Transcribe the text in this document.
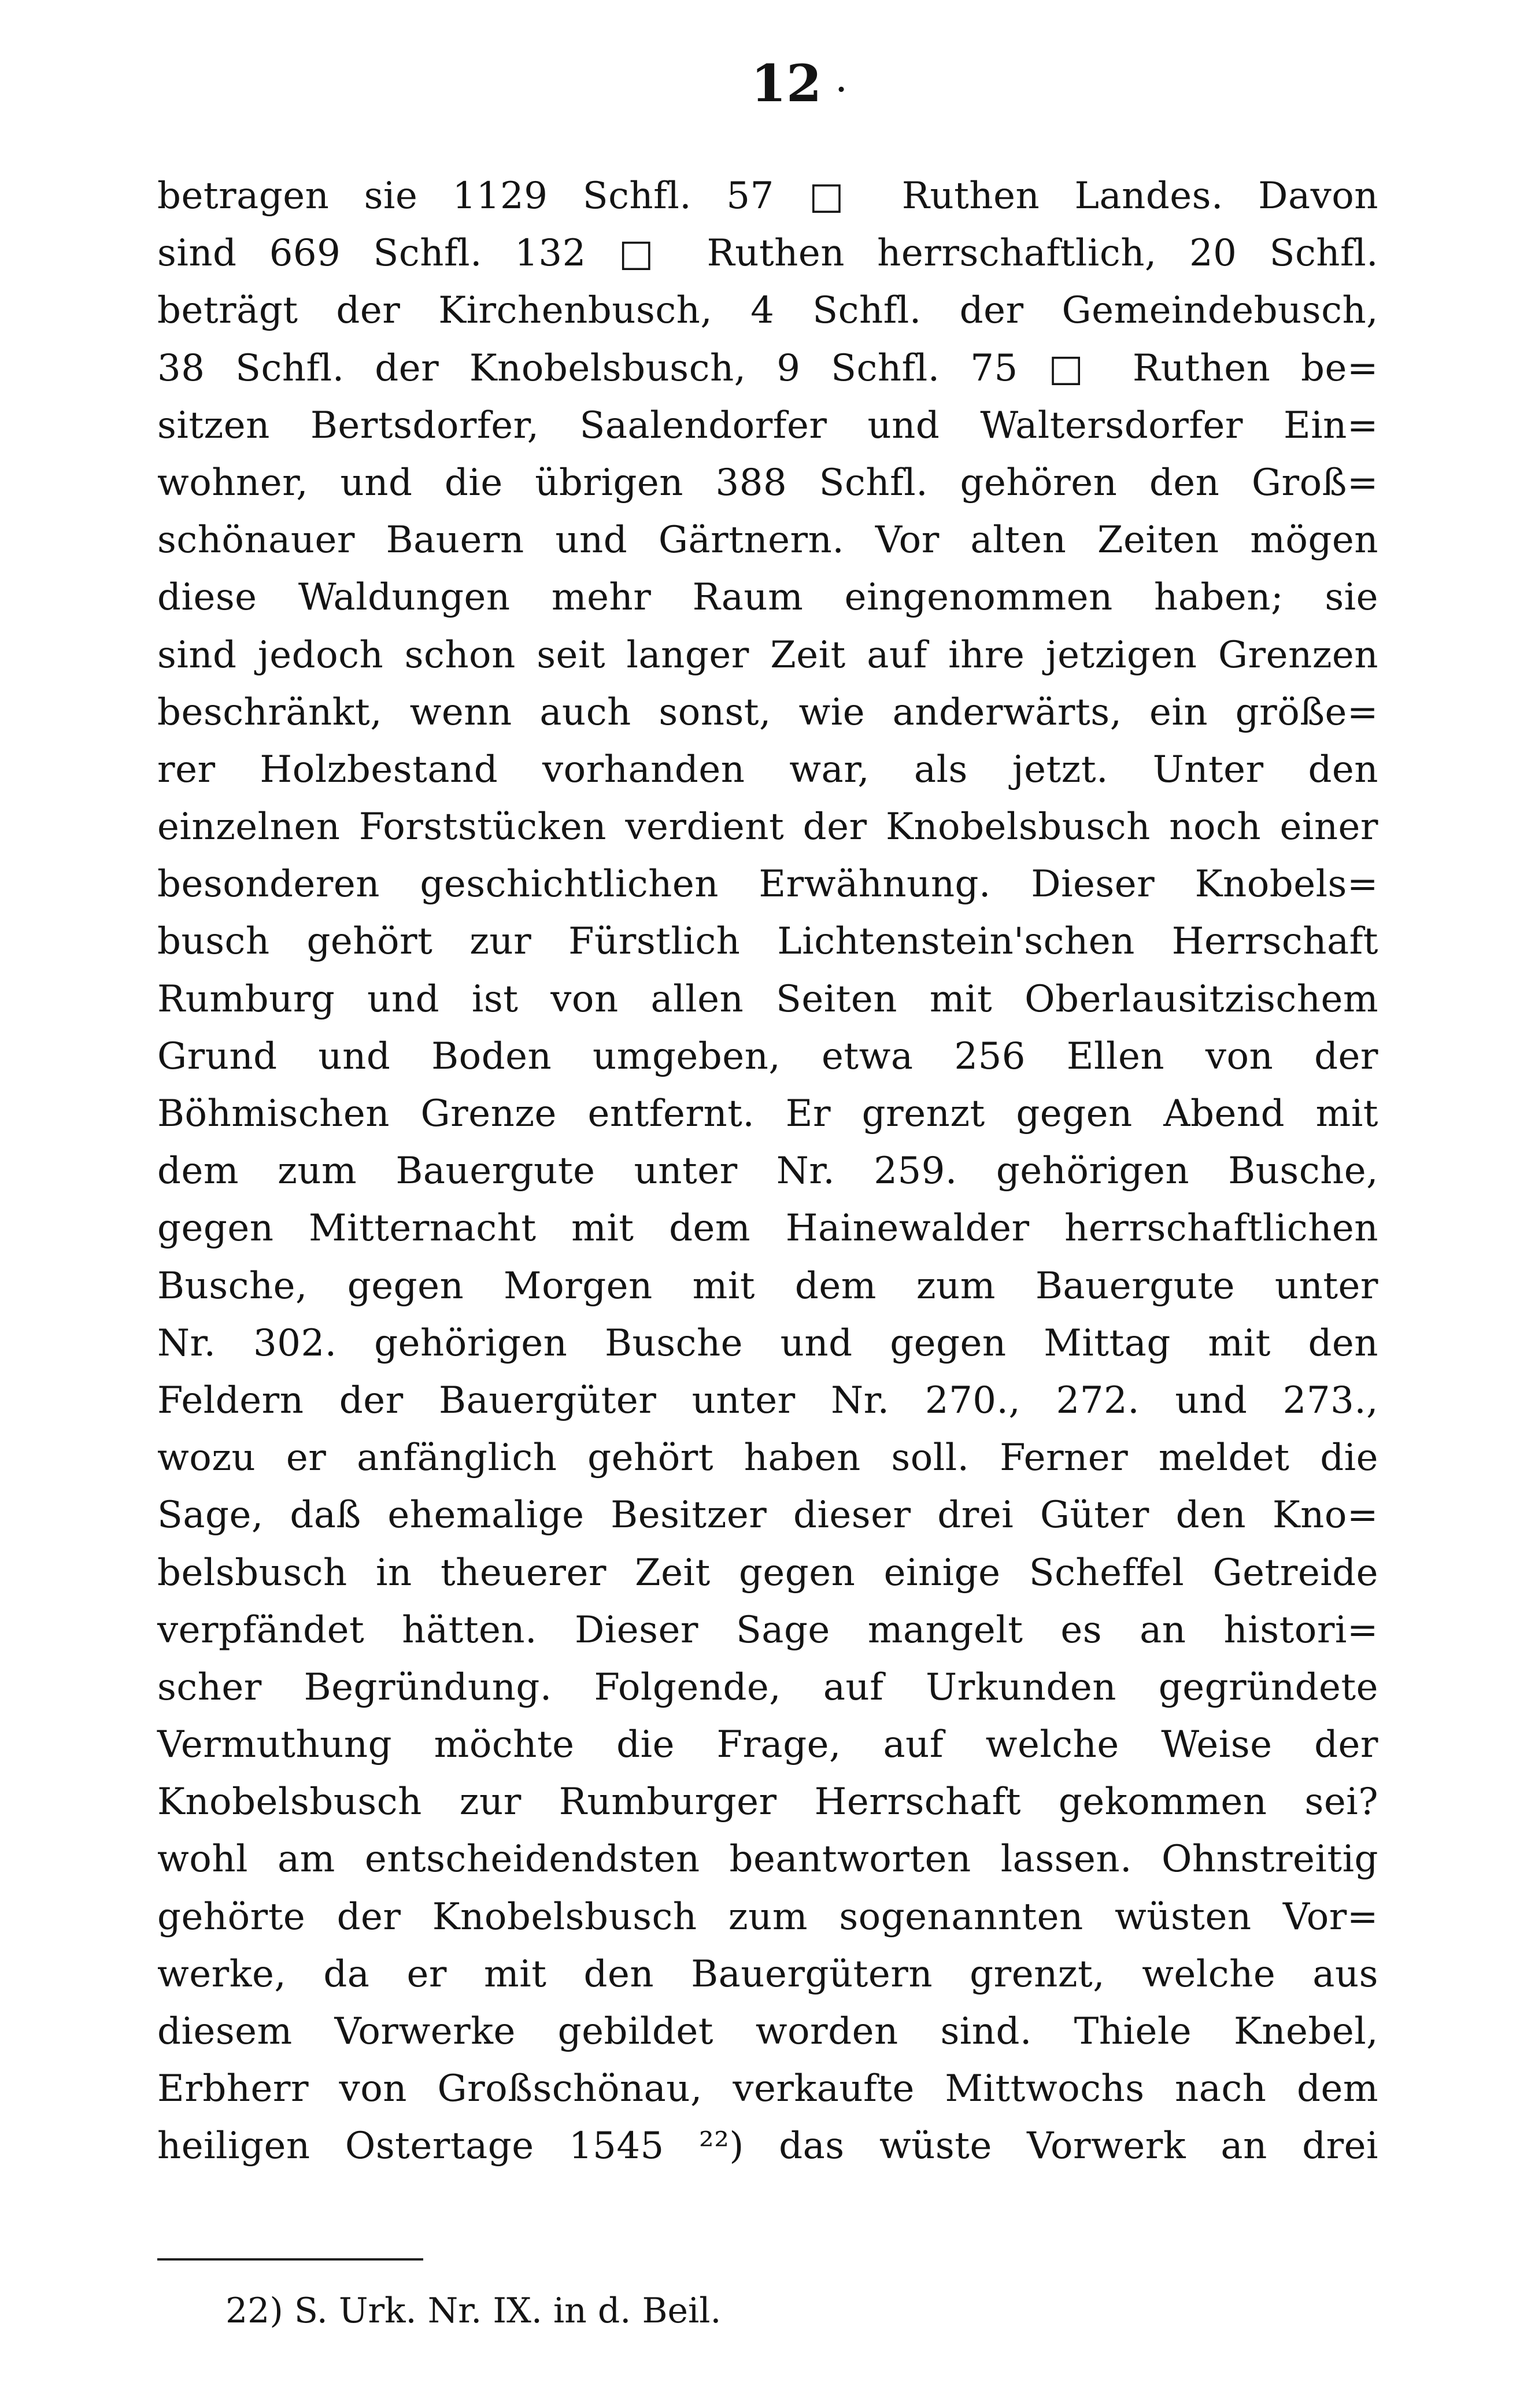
12 ·
betragen sie 1129 Schfl. 57 □ Ruthen Landes. Davon
sind 669 Schfl. 132 □ Ruthen herrschaftlich, 20 Schfl.
beträgt der Kirchenbusch, 4 Schfl. der Gemeindebusch,
38 Schfl. der Knobelsbusch, 9 Schfl. 75 □ Ruthen be=
sitzen Bertsdorfer, Saalendorfer und Waltersdorfer Ein=
wohner, und die übrigen 388 Schfl. gehören den Groß=
schönauer Bauern und Gärtnern. Vor alten Zeiten mögen
diese Waldungen mehr Raum eingenommen haben; sie
sind jedoch schon seit langer Zeit auf ihre jetzigen Grenzen
beschränkt, wenn auch sonst, wie anderwärts, ein größe=
rer Holzbestand vorhanden war, als jetzt. Unter den
einzelnen Forststücken verdient der Knobelsbusch noch einer
besonderen geschichtlichen Erwähnung. Dieser Knobels=
busch gehört zur Fürstlich Lichtenstein'schen Herrschaft
Rumburg und ist von allen Seiten mit Oberlausitzischem
Grund und Boden umgeben, etwa 256 Ellen von der
Böhmischen Grenze entfernt. Er grenzt gegen Abend mit
dem zum Bauergute unter Nr. 259. gehörigen Busche,
gegen Mitternacht mit dem Hainewalder herrschaftlichen
Busche, gegen Morgen mit dem zum Bauergute unter
Nr. 302. gehörigen Busche und gegen Mittag mit den
Feldern der Bauergüter unter Nr. 270., 272. und 273.,
wozu er anfänglich gehört haben soll. Ferner meldet die
Sage, daß ehemalige Besitzer dieser drei Güter den Kno=
belsbusch in theuerer Zeit gegen einige Scheffel Getreide
verpfändet hätten. Dieser Sage mangelt es an histori=
scher Begründung. Folgende, auf Urkunden gegründete
Vermuthung möchte die Frage, auf welche Weise der
Knobelsbusch zur Rumburger Herrschaft gekommen sei?
wohl am entscheidendsten beantworten lassen. Ohnstreitig
gehörte der Knobelsbusch zum sogenannten wüsten Vor=
werke, da er mit den Bauergütern grenzt, welche aus
diesem Vorwerke gebildet worden sind. Thiele Knebel,
Erbherr von Großschönau, verkaufte Mittwochs nach dem
heiligen Ostertage 1545 ²²) das wüste Vorwerk an drei
22) S. Urk. Nr. IX. in d. Beil.
